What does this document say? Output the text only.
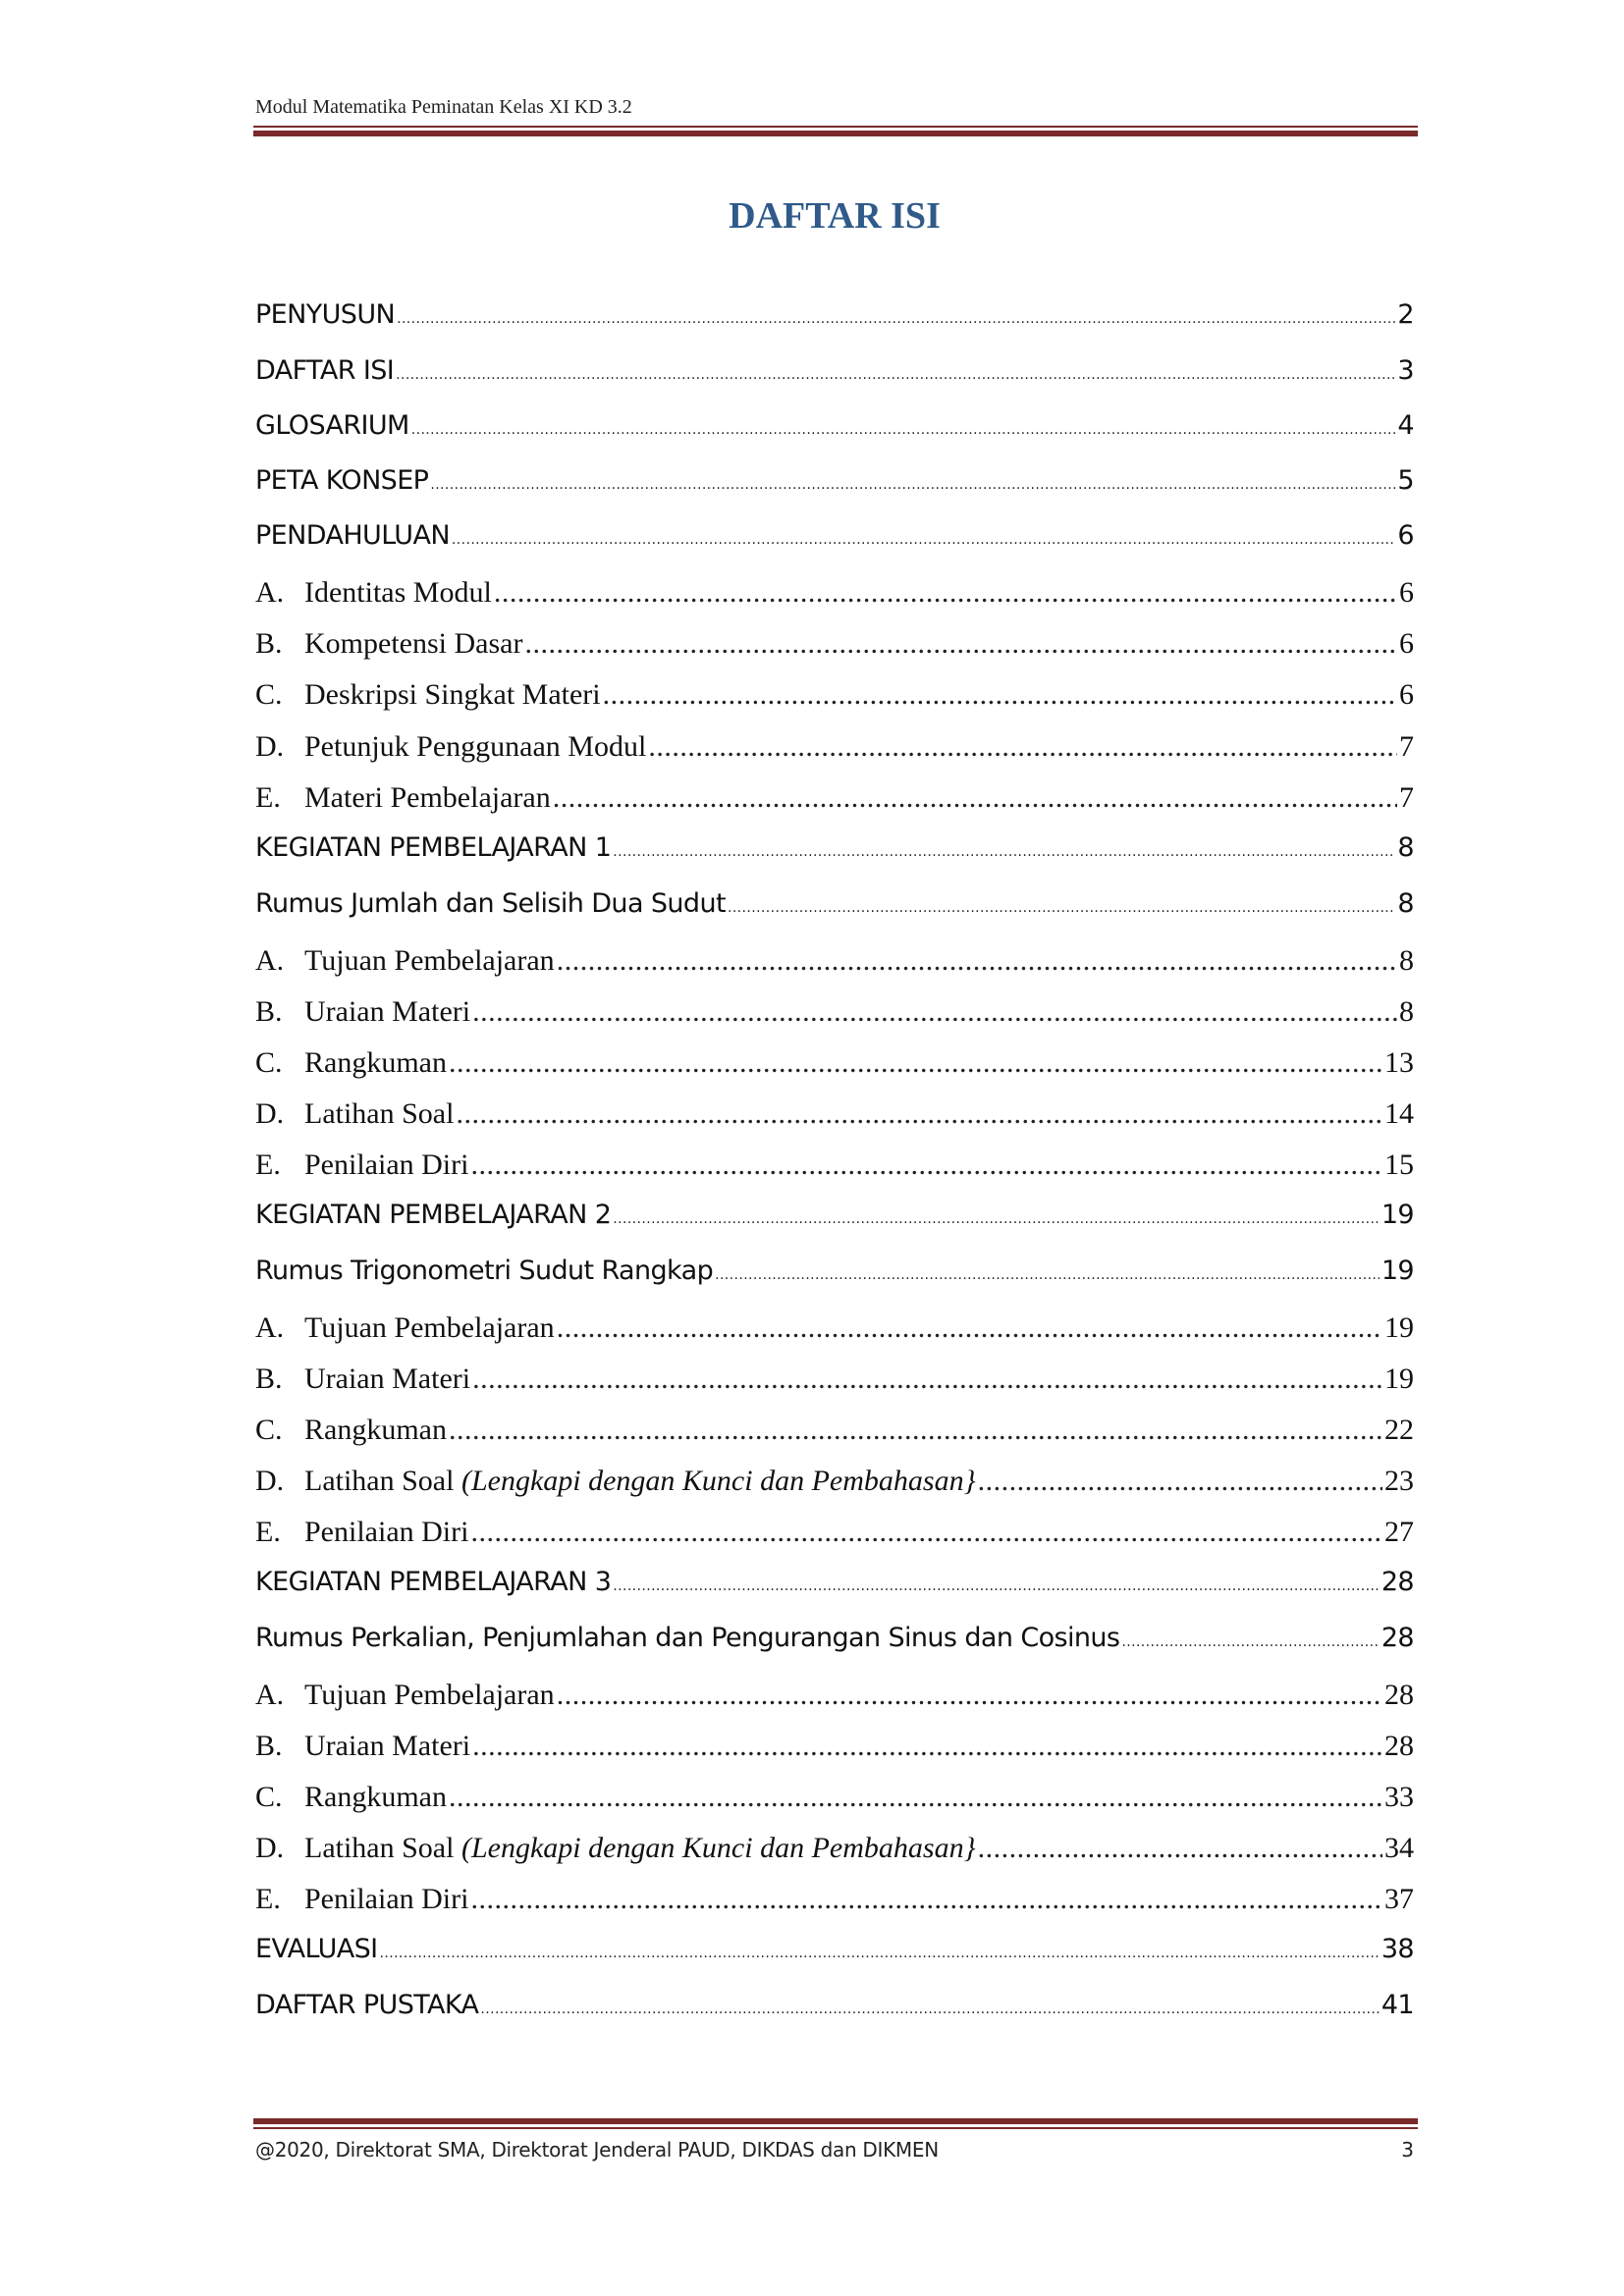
Modul Matematika Peminatan Kelas XI KD 3.2
DAFTAR ISI
PENYUSUN .....	2
DAFTAR ISI .....	3
GLOSARIUM .....	4
PETA KONSEP .....	5
PENDAHULUAN .....	6
A. Identitas Modul .....	6
B. Kompetensi Dasar .....	6
C. Deskripsi Singkat Materi .....	6
D. Petunjuk Penggunaan Modul .....	7
E. Materi Pembelajaran .....	7
KEGIATAN PEMBELAJARAN 1 .....	8
Rumus Jumlah dan Selisih Dua Sudut .....	8
A. Tujuan Pembelajaran .....	8
B. Uraian Materi .....	8
C. Rangkuman .....	13
D. Latihan Soal .....	14
E. Penilaian Diri .....	15
KEGIATAN PEMBELAJARAN 2 .....	19
Rumus Trigonometri Sudut Rangkap .....	19
A. Tujuan Pembelajaran .....	19
B. Uraian Materi .....	19
C. Rangkuman .....	22
D. Latihan Soal (Lengkapi dengan Kunci dan Pembahasan} .....	23
E. Penilaian Diri .....	27
KEGIATAN PEMBELAJARAN 3 .....	28
Rumus Perkalian, Penjumlahan dan Pengurangan Sinus dan Cosinus .....	28
A. Tujuan Pembelajaran .....	28
B. Uraian Materi .....	28
C. Rangkuman .....	33
D. Latihan Soal (Lengkapi dengan Kunci dan Pembahasan} .....	34
E. Penilaian Diri .....	37
EVALUASI .....	38
DAFTAR PUSTAKA .....	41
@2020, Direktorat SMA, Direktorat Jenderal PAUD, DIKDAS dan DIKMEN	3
